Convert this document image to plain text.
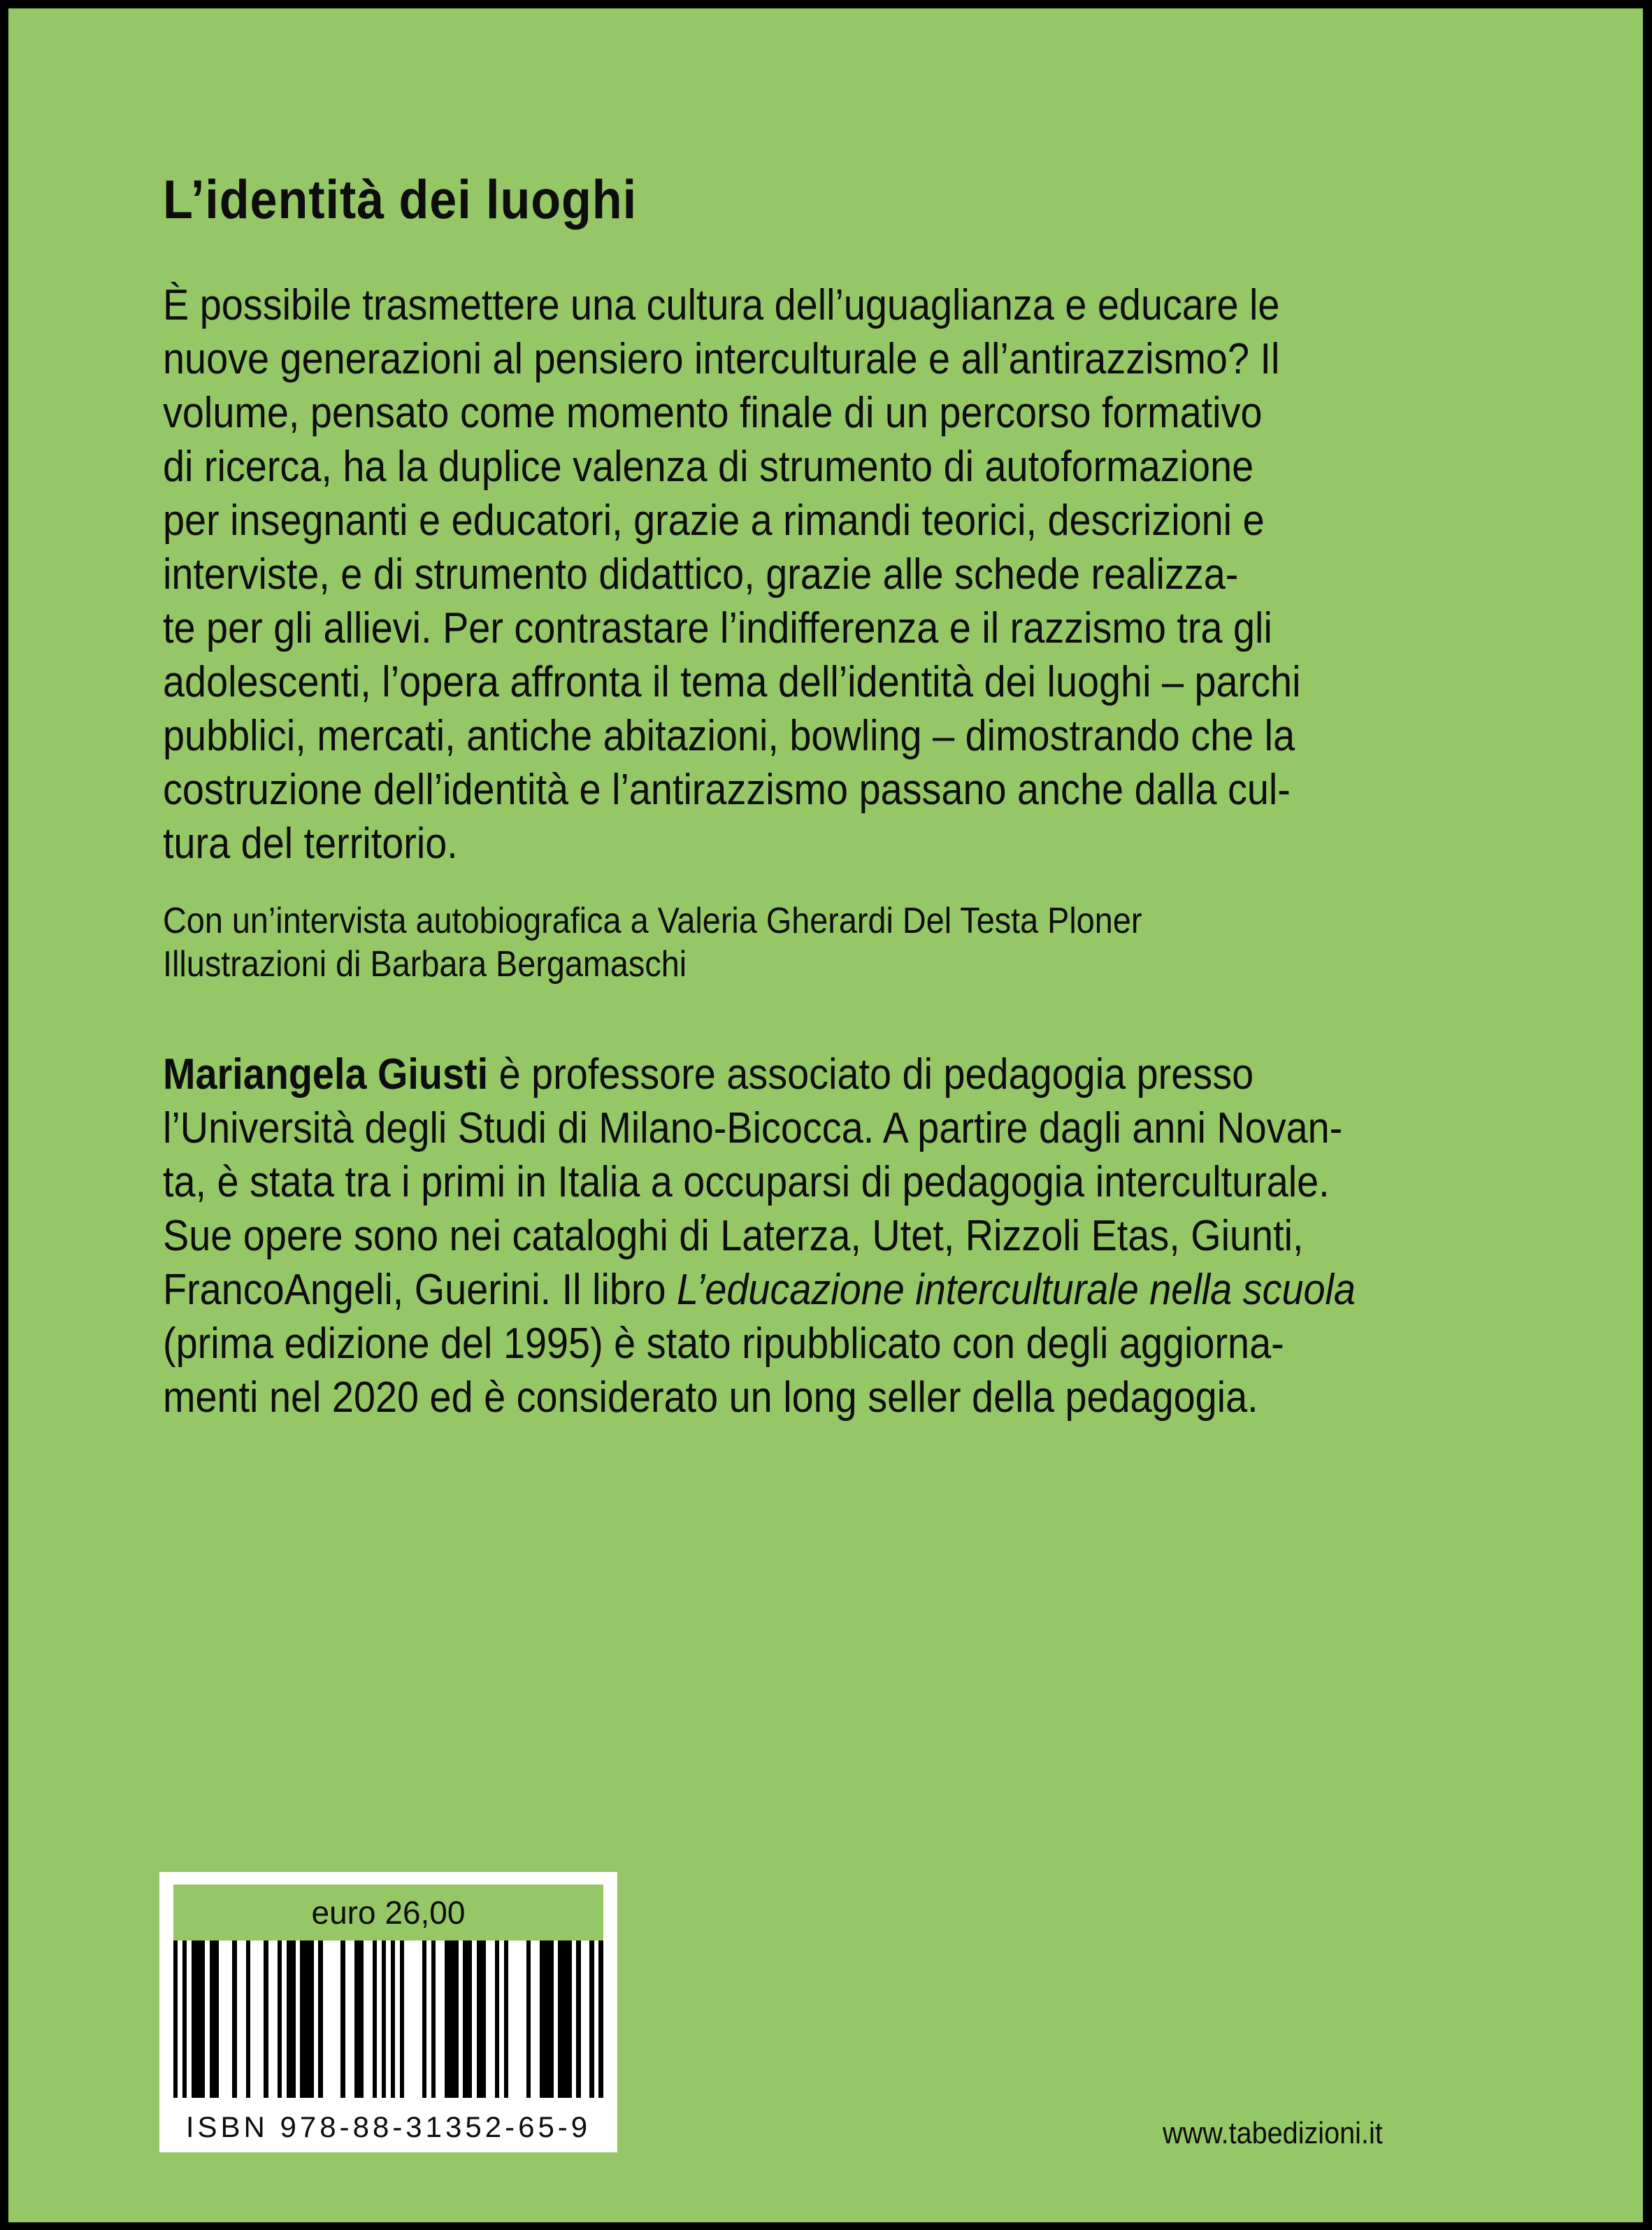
L’identità dei luoghi
È possibile trasmettere una cultura dell’uguaglianza e educare le
nuove generazioni al pensiero interculturale e all’antirazzismo? Il
volume, pensato come momento finale di un percorso formativo
di ricerca, ha la duplice valenza di strumento di autoformazione
per insegnanti e educatori, grazie a rimandi teorici, descrizioni e
interviste, e di strumento didattico, grazie alle schede realizza-
te per gli allievi. Per contrastare l’indifferenza e il razzismo tra gli
adolescenti, l’opera affronta il tema dell’identità dei luoghi – parchi
pubblici, mercati, antiche abitazioni, bowling – dimostrando che la
costruzione dell’identità e l’antirazzismo passano anche dalla cul-
tura del territorio.
Con un’intervista autobiografica a Valeria Gherardi Del Testa Ploner
Illustrazioni di Barbara Bergamaschi
Mariangela Giusti è professore associato di pedagogia presso
l’Università degli Studi di Milano-Bicocca. A partire dagli anni Novan-
ta, è stata tra i primi in Italia a occuparsi di pedagogia interculturale.
Sue opere sono nei cataloghi di Laterza, Utet, Rizzoli Etas, Giunti,
FrancoAngeli, Guerini. Il libro L’educazione interculturale nella scuola
(prima edizione del 1995) è stato ripubblicato con degli aggiorna-
menti nel 2020 ed è considerato un long seller della pedagogia.
euro 26,00
ISBN 978-88-31352-65-9	www.tabedizioni.it
